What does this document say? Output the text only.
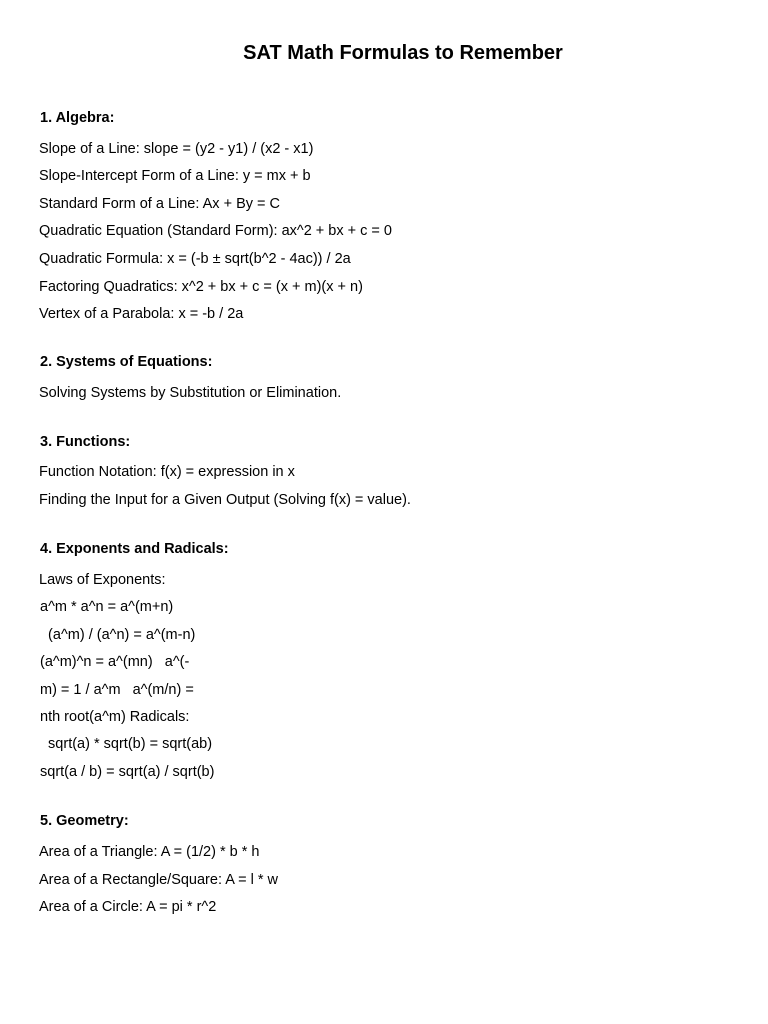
SAT Math Formulas to Remember
1. Algebra:
Slope of a Line: slope = (y2 - y1) / (x2 - x1)
Slope-Intercept Form of a Line: y = mx + b
Standard Form of a Line: Ax + By = C
Quadratic Equation (Standard Form): ax^2 + bx + c = 0
Quadratic Formula: x = (-b ± sqrt(b^2 - 4ac)) / 2a
Factoring Quadratics: x^2 + bx + c = (x + m)(x + n)
Vertex of a Parabola: x = -b / 2a
2. Systems of Equations:
Solving Systems by Substitution or Elimination.
3. Functions:
Function Notation: f(x) = expression in x
Finding the Input for a Given Output (Solving f(x) = value).
4. Exponents and Radicals:
Laws of Exponents:
a^m * a^n = a^(m+n)
(a^m) / (a^n) = a^(m-n)
(a^m)^n = a^(mn)   a^(-
m) = 1 / a^m   a^(m/n) =
nth root(a^m) Radicals:
sqrt(a) * sqrt(b) = sqrt(ab)
sqrt(a / b) = sqrt(a) / sqrt(b)
5. Geometry:
Area of a Triangle: A = (1/2) * b * h
Area of a Rectangle/Square: A = l * w
Area of a Circle: A = pi * r^2
